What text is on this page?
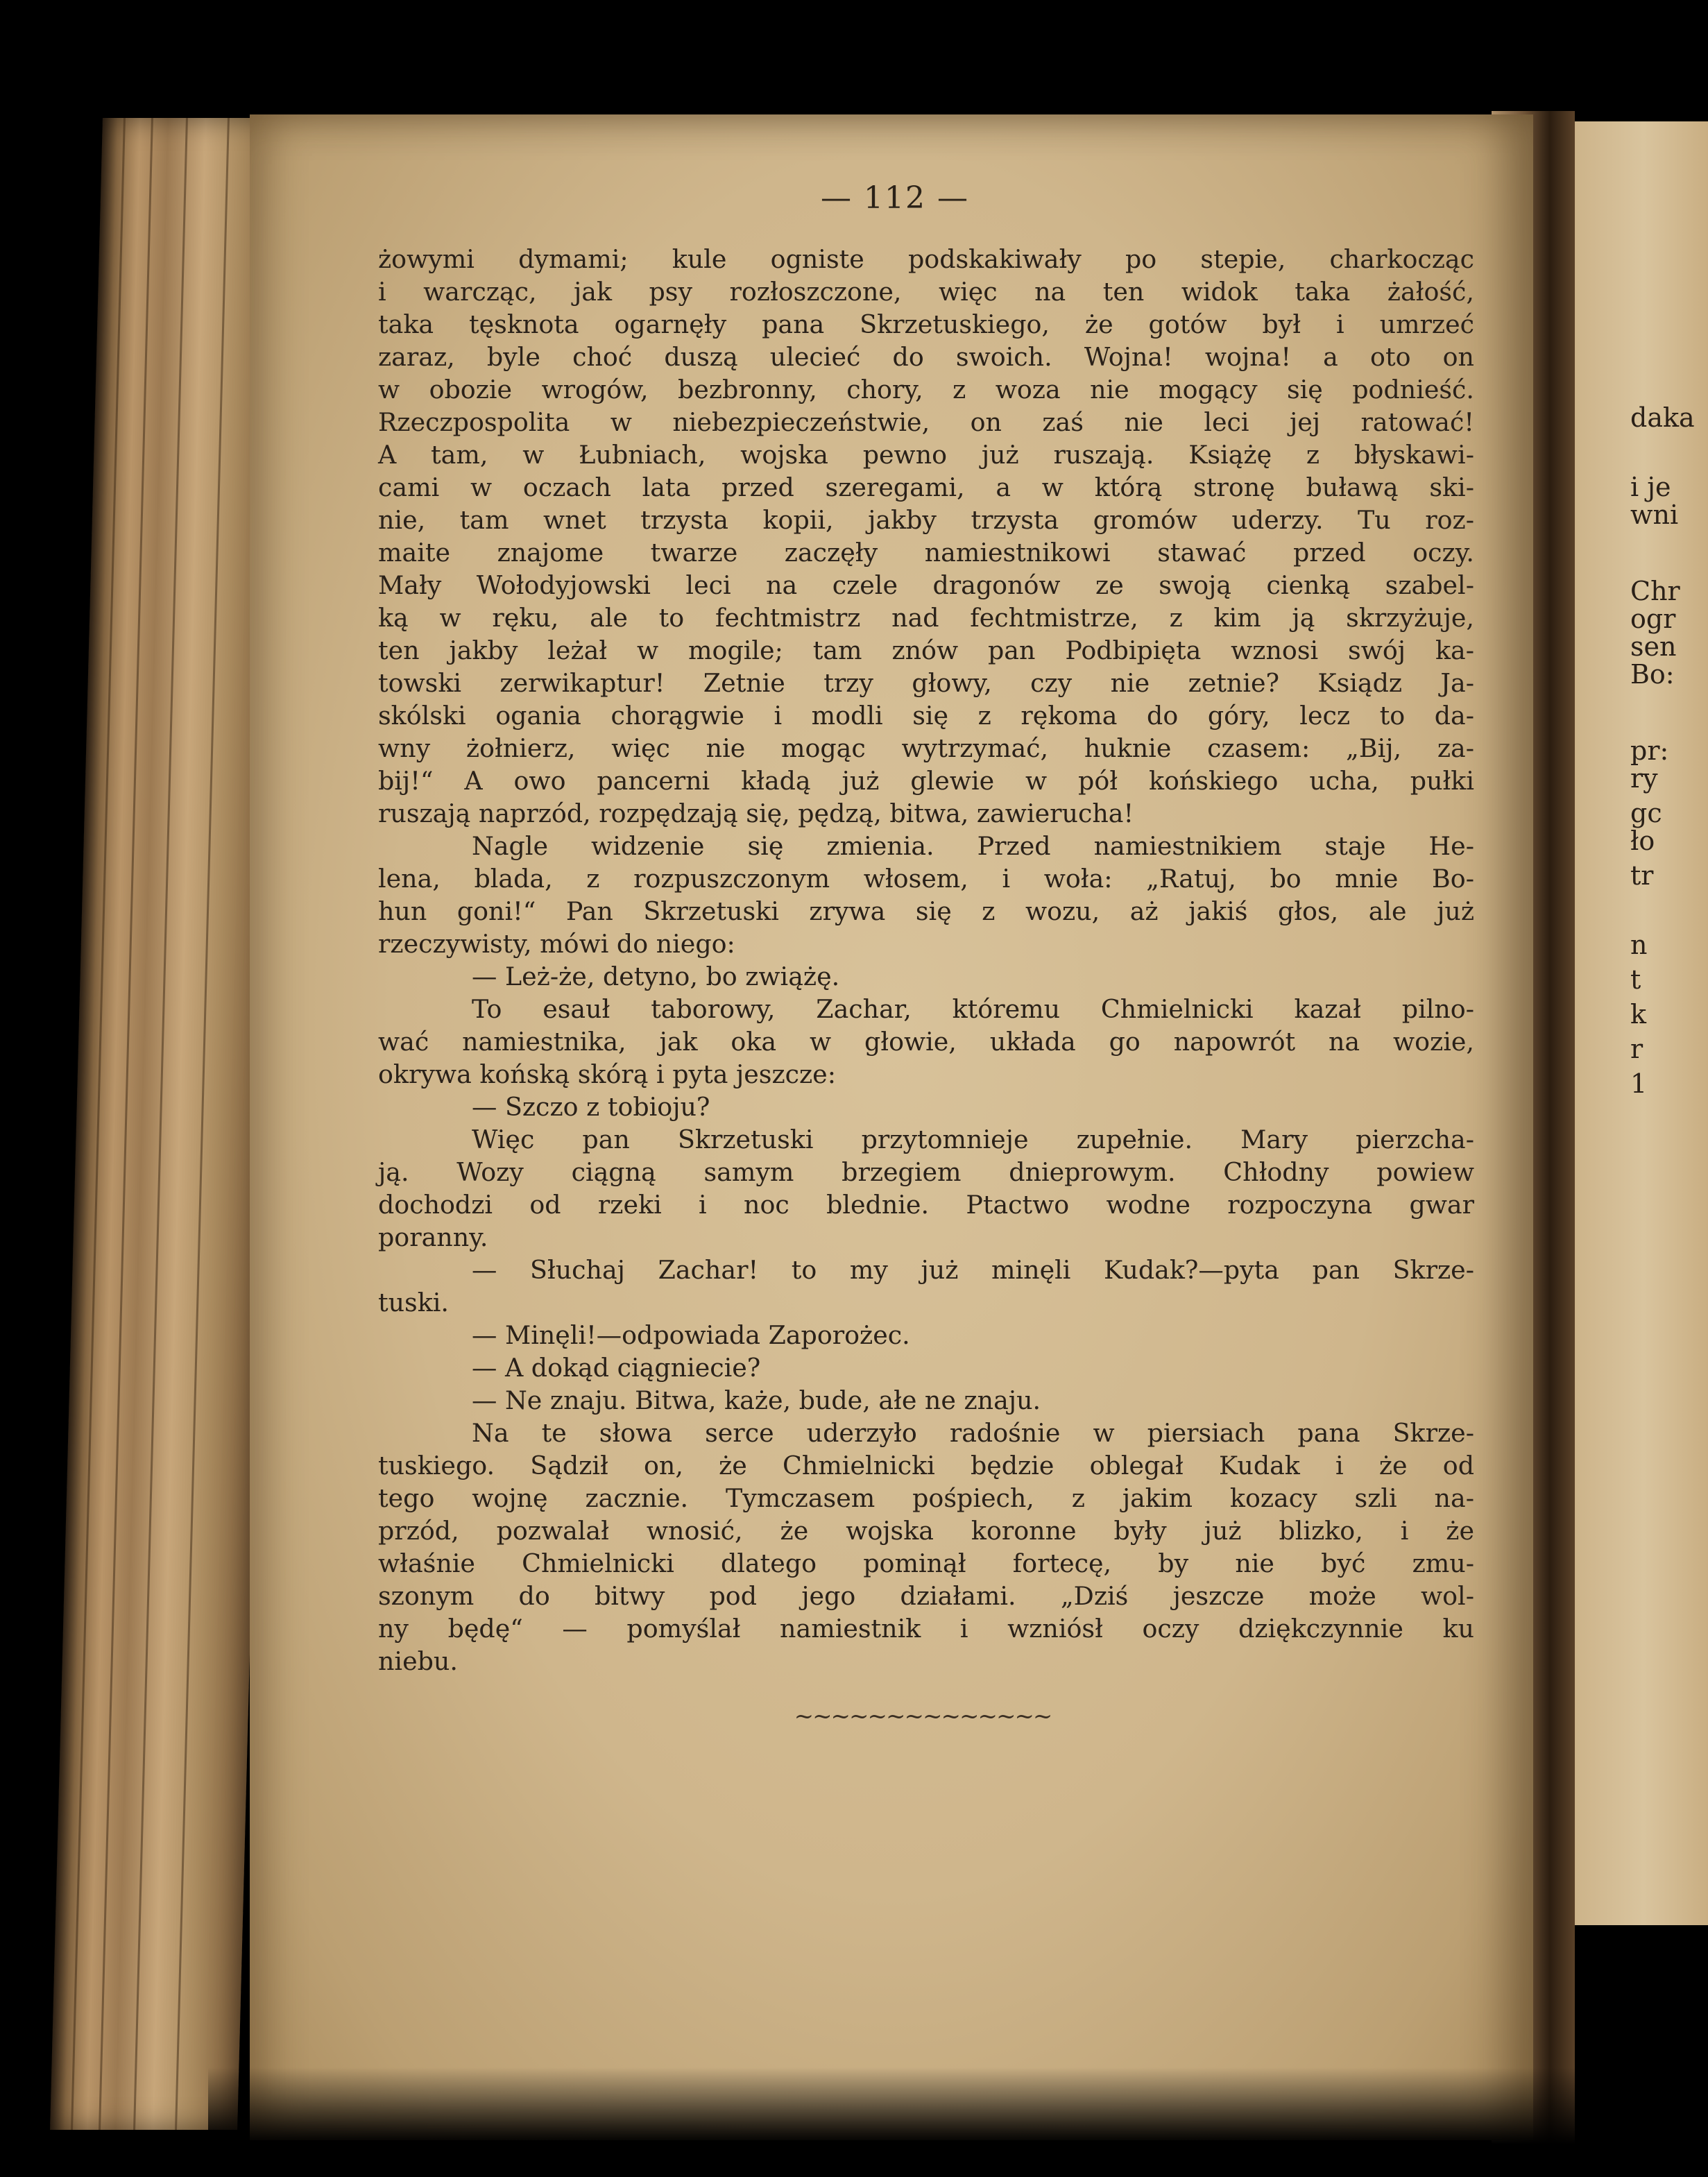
daka
i je
wni
Chr
ogr
sen
Bo:
pr:
ry
gc
ło
tr
n
t
k
r
1
— 112 —
żowymi dymami; kule ogniste podskakiwały po stepie, charkocząc
i warcząc, jak psy rozłoszczone, więc na ten widok taka żałość,
taka tęsknota ogarnęły pana Skrzetuskiego, że gotów był i umrzeć
zaraz, byle choć duszą ulecieć do swoich. Wojna! wojna! a oto on
w obozie wrogów, bezbronny, chory, z woza nie mogący się podnieść.
Rzeczpospolita w niebezpieczeństwie, on zaś nie leci jej ratować!
A tam, w Łubniach, wojska pewno już ruszają. Książę z błyskawi-
cami w oczach lata przed szeregami, a w którą stronę buławą ski-
nie, tam wnet trzysta kopii, jakby trzysta gromów uderzy. Tu roz-
maite znajome twarze zaczęły namiestnikowi stawać przed oczy.
Mały Wołodyjowski leci na czele dragonów ze swoją cienką szabel-
ką w ręku, ale to fechtmistrz nad fechtmistrze, z kim ją skrzyżuje,
ten jakby leżał w mogile; tam znów pan Podbipięta wznosi swój ka-
towski zerwikaptur! Zetnie trzy głowy, czy nie zetnie? Ksiądz Ja-
skólski ogania chorągwie i modli się z rękoma do góry, lecz to da-
wny żołnierz, więc nie mogąc wytrzymać, huknie czasem: „Bij, za-
bij!“ A owo pancerni kładą już glewie w pół końskiego ucha, pułki
ruszają naprzód, rozpędzają się, pędzą, bitwa, zawierucha!
Nagle widzenie się zmienia. Przed namiestnikiem staje He-
lena, blada, z rozpuszczonym włosem, i woła: „Ratuj, bo mnie Bo-
hun goni!“ Pan Skrzetuski zrywa się z wozu, aż jakiś głos, ale już
rzeczywisty, mówi do niego:
— Leż-że, detyno, bo zwiążę.
To esauł taborowy, Zachar, któremu Chmielnicki kazał pilno-
wać namiestnika, jak oka w głowie, układa go napowrót na wozie,
okrywa końską skórą i pyta jeszcze:
— Szczo z tobioju?
Więc pan Skrzetuski przytomnieje zupełnie. Mary pierzcha-
ją. Wozy ciągną samym brzegiem dnieprowym. Chłodny powiew
dochodzi od rzeki i noc blednie. Ptactwo wodne rozpoczyna gwar
poranny.
— Słuchaj Zachar! to my już minęli Kudak?—pyta pan Skrze-
tuski.
— Minęli!—odpowiada Zaporożec.
— A dokąd ciągniecie?
— Ne znaju. Bitwa, każe, bude, ałe ne znaju.
Na te słowa serce uderzyło radośnie w piersiach pana Skrze-
tuskiego. Sądził on, że Chmielnicki będzie oblegał Kudak i że od
tego wojnę zacznie. Tymczasem pośpiech, z jakim kozacy szli na-
przód, pozwalał wnosić, że wojska koronne były już blizko, i że
właśnie Chmielnicki dlatego pominął fortecę, by nie być zmu-
szonym do bitwy pod jego działami. „Dziś jeszcze może wol-
ny będę“ — pomyślał namiestnik i wzniósł oczy dziękczynnie ku
niebu.
~~~~~~~~~~~~~~
